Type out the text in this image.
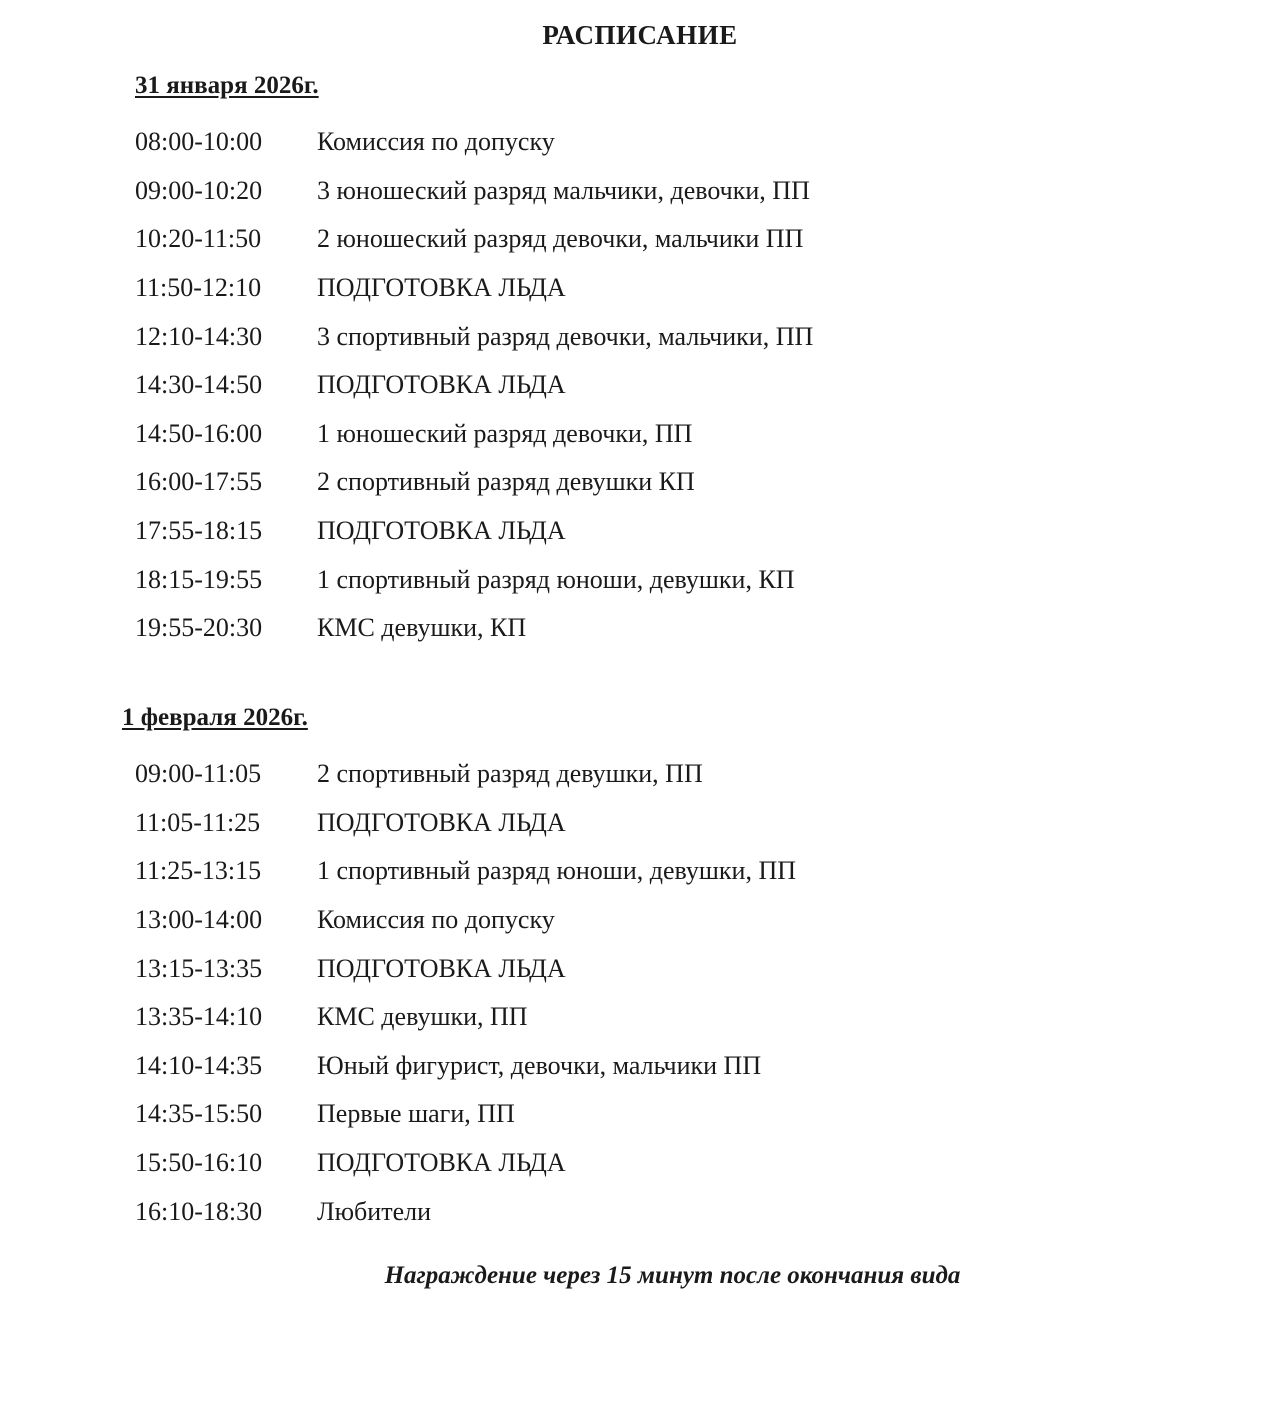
РАСПИСАНИЕ
31 января 2026г.
08:00-10:00	Комиссия по допуску
09:00-10:20	3 юношеский разряд мальчики, девочки, ПП
10:20-11:50	2 юношеский разряд девочки, мальчики ПП
11:50-12:10	ПОДГОТОВКА ЛЬДА
12:10-14:30	3 спортивный разряд девочки, мальчики, ПП
14:30-14:50	ПОДГОТОВКА ЛЬДА
14:50-16:00	1 юношеский разряд девочки, ПП
16:00-17:55	2 спортивный разряд девушки КП
17:55-18:15	ПОДГОТОВКА ЛЬДА
18:15-19:55	1 спортивный разряд юноши, девушки, КП
19:55-20:30	КМС девушки, КП
1 февраля 2026г.
09:00-11:05	2 спортивный разряд девушки, ПП
11:05-11:25	ПОДГОТОВКА ЛЬДА
11:25-13:15	1 спортивный разряд юноши, девушки, ПП
13:00-14:00	Комиссия по допуску
13:15-13:35	ПОДГОТОВКА ЛЬДА
13:35-14:10	КМС девушки, ПП
14:10-14:35	Юный фигурист, девочки, мальчики ПП
14:35-15:50	Первые шаги, ПП
15:50-16:10	ПОДГОТОВКА ЛЬДА
16:10-18:30	Любители

Награждение через 15 минут после окончания вида
